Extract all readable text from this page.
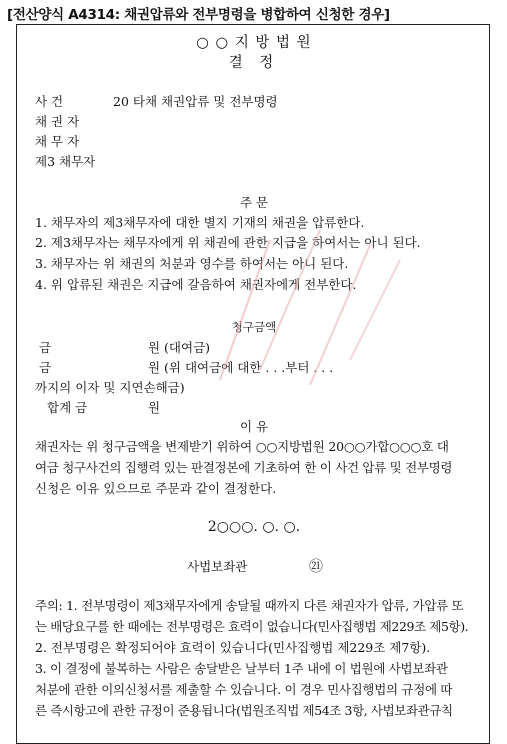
[전산양식 A4314: 채권압류와 전부명령을 병합하여 신청한 경우]
○ ○ 지 방 법 원
결 정
사 건	20 타채 채권압류 및 전부명령
채 권 자
채 무 자
제3 채무자
주 문
1. 채무자의 제3채무자에 대한 별지 기재의 채권을 압류한다.
2. 제3채무자는 채무자에게 위 채권에 관한 지급을 하여서는 아니 된다.
3. 채무자는 위 채권의 처분과 영수를 하여서는 아니 된다.
4. 위 압류된 채권은 지급에 갈음하여 채권자에게 전부한다.
청구금액
금	원 (대여금)
금	원 (위 대여금에 대한 . . .부터 . . .
까지의 이자 및 지연손해금)
합계 금	원
이 유
채권자는 위 청구금액을 변제받기 위하여 ○○지방법원 20○○가합○○○호 대
여금 청구사건의 집행력 있는 판결정본에 기초하여 한 이 사건 압류 및 전부명령
신청은 이유 있으므로 주문과 같이 결정한다.
2○○○. ○. ○.
사법보좌관	㉑
주의: 1. 전부명령이 제3채무자에게 송달될 때까지 다른 채권자가 압류, 가압류 또
는 배당요구를 한 때에는 전부명령은 효력이 없습니다(민사집행법 제229조 제5항).
2. 전부명령은 확정되어야 효력이 있습니다(민사집행법 제229조 제7항).
3. 이 결정에 불복하는 사람은 송달받은 날부터 1주 내에 이 법원에 사법보좌관
처분에 관한 이의신청서를 제출할 수 있습니다. 이 경우 민사집행법의 규정에 따
른 즉시항고에 관한 규정이 준용됩니다(법원조직법 제54조 3항, 사법보좌관규칙
